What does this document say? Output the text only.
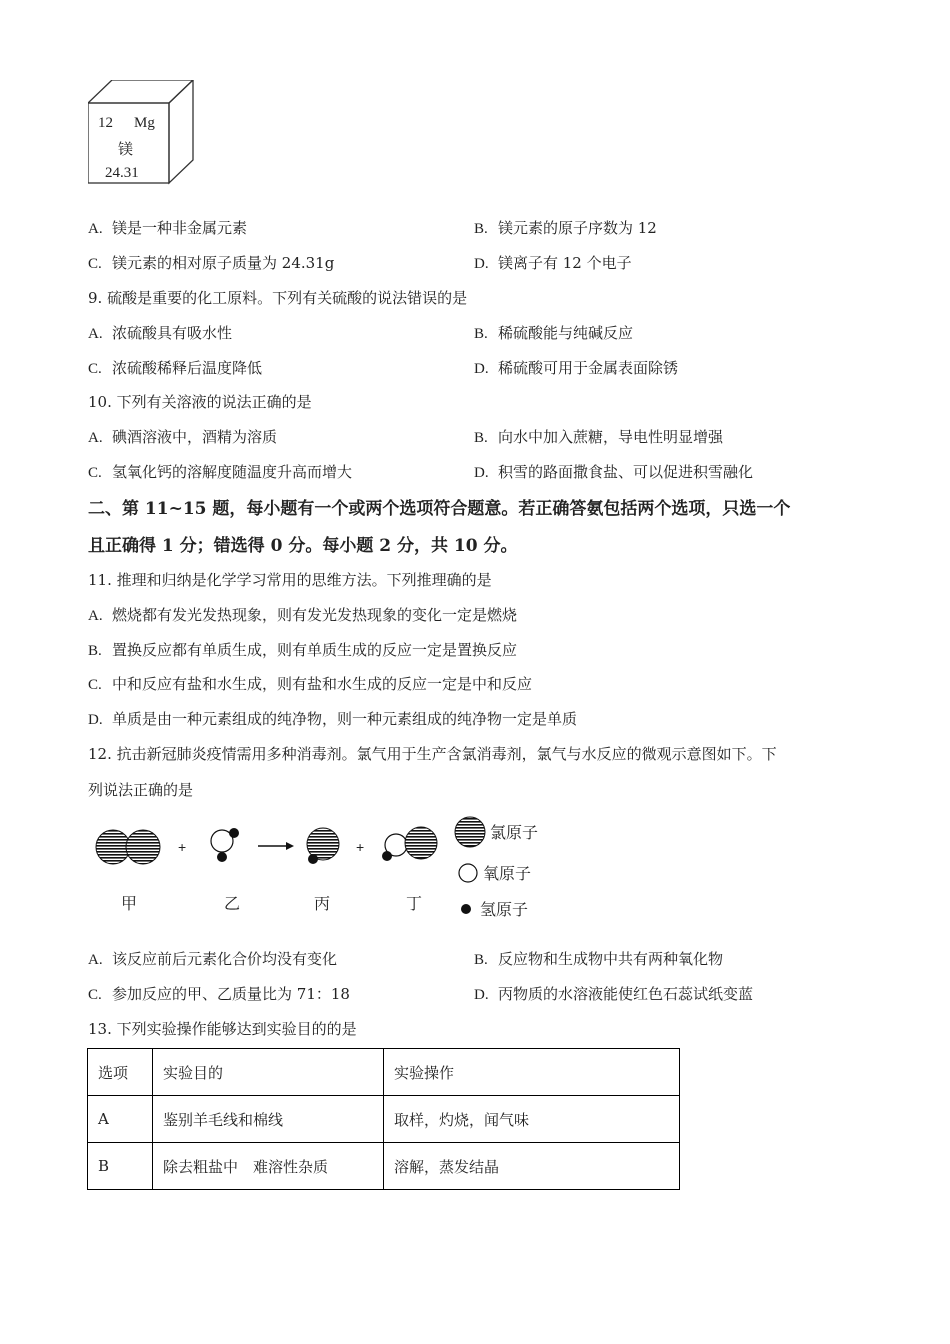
12 Mg
镁
24.31
A. 镁是一种非金属元素	B. 镁元素的原子序数为 12
C. 镁元素的相对原子质量为 24.31g	D. 镁离子有 12 个电子
9. 硫酸是重要的化工原料。下列有关硫酸的说法错误的是
A. 浓硫酸具有吸水性	B. 稀硫酸能与纯碱反应
C. 浓硫酸稀释后温度降低	D. 稀硫酸可用于金属表面除锈
10. 下列有关溶液的说法正确的是
A. 碘酒溶液中，酒精为溶质	B. 向水中加入蔗糖，导电性明显增强
C. 氢氧化钙的溶解度随温度升高而增大	D. 积雪的路面撒食盐、可以促进积雪融化
二、第 11~15 题，每小题有一个或两个选项符合题意。若正确答氨包括两个选项，只选一个
且正确得 1 分；错选得 0 分。每小题 2 分，共 10 分。
11. 推理和归纳是化学学习常用的思维方法。下列推理确的是
A. 燃烧都有发光发热现象，则有发光发热现象的变化一定是燃烧
B. 置换反应都有单质生成，则有单质生成的反应一定是置换反应
C. 中和反应有盐和水生成，则有盐和水生成的反应一定是中和反应
D. 单质是由一种元素组成的纯净物，则一种元素组成的纯净物一定是单质
12. 抗击新冠肺炎疫情需用多种消毒剂。氯气用于生产含氯消毒剂，氯气与水反应的微观示意图如下。下
列说法正确的是
+	+
甲	乙	丙	丁
氯原子
氧原子
氢原子
A. 该反应前后元素化合价均没有变化	B. 反应物和生成物中共有两种氧化物
C. 参加反应的甲、乙质量比为 71：18	D. 丙物质的水溶液能使红色石蕊试纸变蓝
13. 下列实验操作能够达到实验目的的是
选项	实验目的	实验操作
A	鉴别羊毛线和棉线	取样，灼烧，闻气味
B	除去粗盐中　难溶性杂质	溶解，蒸发结晶
